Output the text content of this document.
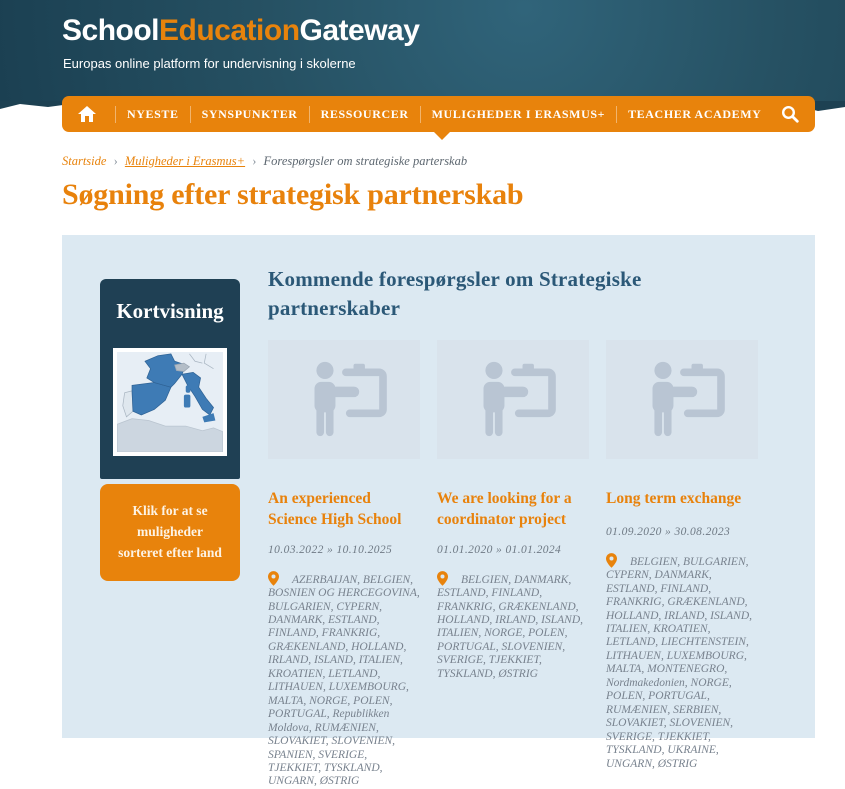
SchoolEducationGateway
Europas online platform for undervisning i skolerne
NYESTE SYNSPUNKTER RESSOURCER MULIGHEDER I ERASMUS+ TEACHER ACADEMY
Startside › Muligheder i Erasmus+ › Forespørgsler om strategiske parterskab
Søgning efter strategisk partnerskab
Kortvisning
Klik for at se muligheder sorteret efter land
Kommende forespørgsler om Strategiske partnerskaber
An experienced Science High School
10.03.2022 » 10.10.2025
AZERBAIJAN, BELGIEN, BOSNIEN OG HERCEGOVINA, BULGARIEN, CYPERN, DANMARK, ESTLAND, FINLAND, FRANKRIG, GRÆKENLAND, HOLLAND, IRLAND, ISLAND, ITALIEN, KROATIEN, LETLAND, LITHAUEN, LUXEMBOURG, MALTA, NORGE, POLEN, PORTUGAL, Republikken Moldova, RUMÆNIEN, SLOVAKIET, SLOVENIEN, SPANIEN, SVERIGE, TJEKKIET, TYSKLAND, UNGARN, ØSTRIG
We are looking for a coordinator project
01.01.2020 » 01.01.2024
BELGIEN, DANMARK, ESTLAND, FINLAND, FRANKRIG, GRÆKENLAND, HOLLAND, IRLAND, ISLAND, ITALIEN, NORGE, POLEN, PORTUGAL, SLOVENIEN, SVERIGE, TJEKKIET, TYSKLAND, ØSTRIG
Long term exchange
01.09.2020 » 30.08.2023
BELGIEN, BULGARIEN, CYPERN, DANMARK, ESTLAND, FINLAND, FRANKRIG, GRÆKENLAND, HOLLAND, IRLAND, ISLAND, ITALIEN, KROATIEN, LETLAND, LIECHTENSTEIN, LITHAUEN, LUXEMBOURG, MALTA, MONTENEGRO, Nordmakedonien, NORGE, POLEN, PORTUGAL, RUMÆNIEN, SERBIEN, SLOVAKIET, SLOVENIEN, SVERIGE, TJEKKIET, TYSKLAND, UKRAINE, UNGARN, ØSTRIG
